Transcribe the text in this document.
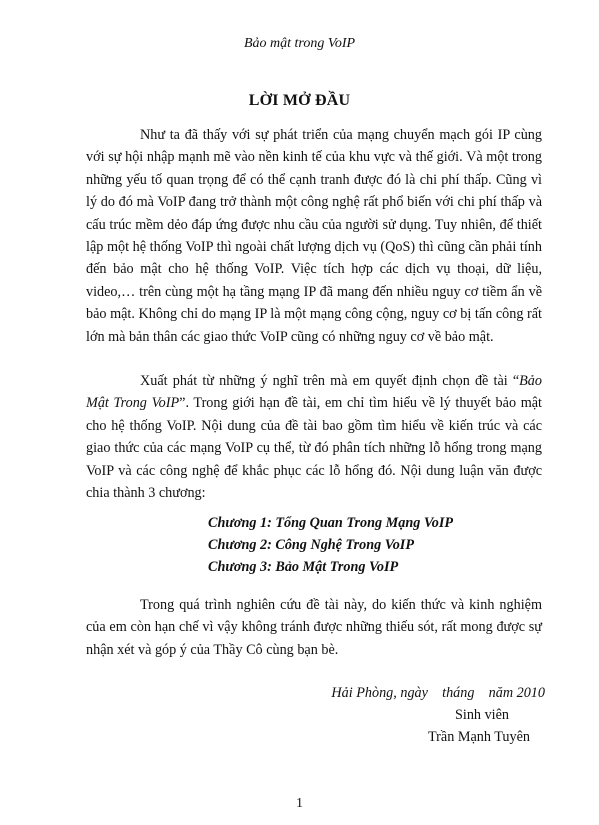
Bảo mật trong VoIP
LỜI MỞ ĐẦU

Như ta đã thấy với sự phát triển của mạng chuyển mạch gói IP cùng với sự hội nhập mạnh mẽ vào nền kinh tế của khu vực và thế giới. Và một trong những yếu tố quan trọng để có thể cạnh tranh được đó là chi phí thấp. Cũng vì lý do đó mà VoIP đang trở thành một công nghệ rất phổ biến với chi phí thấp và cấu trúc mềm dẻo đáp ứng được nhu cầu của người sử dụng. Tuy nhiên, để thiết lập một hệ thống VoIP thì ngoài chất lượng dịch vụ (QoS) thì cũng cần phải tính đến bảo mật cho hệ thống VoIP. Việc tích hợp các dịch vụ thoại, dữ liệu, video,… trên cùng một hạ tầng mạng IP đã mang đến nhiều nguy cơ tiềm ẩn về bảo mật. Không chỉ do mạng IP là một mạng công cộng, nguy cơ bị tấn công rất lớn mà bản thân các giao thức VoIP cũng có những nguy cơ về bảo mật.

Xuất phát từ những ý nghĩ trên mà em quyết định chọn đề tài “Bảo Mật Trong VoIP”. Trong giới hạn đề tài, em chỉ tìm hiểu về lý thuyết bảo mật cho hệ thống VoIP. Nội dung của đề tài bao gồm tìm hiểu về kiến trúc và các giao thức của các mạng VoIP cụ thể, từ đó phân tích những lỗ hổng trong mạng VoIP và các công nghệ để khắc phục các lỗ hổng đó. Nội dung luận văn được chia thành 3 chương:

Chương 1: Tổng Quan Trong Mạng VoIP
Chương 2: Công Nghệ Trong VoIP
Chương 3: Bảo Mật Trong VoIP

Trong quá trình nghiên cứu đề tài này, do kiến thức và kinh nghiệm của em còn hạn chế vì vậy không tránh được những thiếu sót, rất mong được sự nhận xét và góp ý của Thầy Cô cùng bạn bè.

Hải Phòng, ngày    tháng    năm 2010
Sinh viên
Trần Mạnh Tuyên
1
